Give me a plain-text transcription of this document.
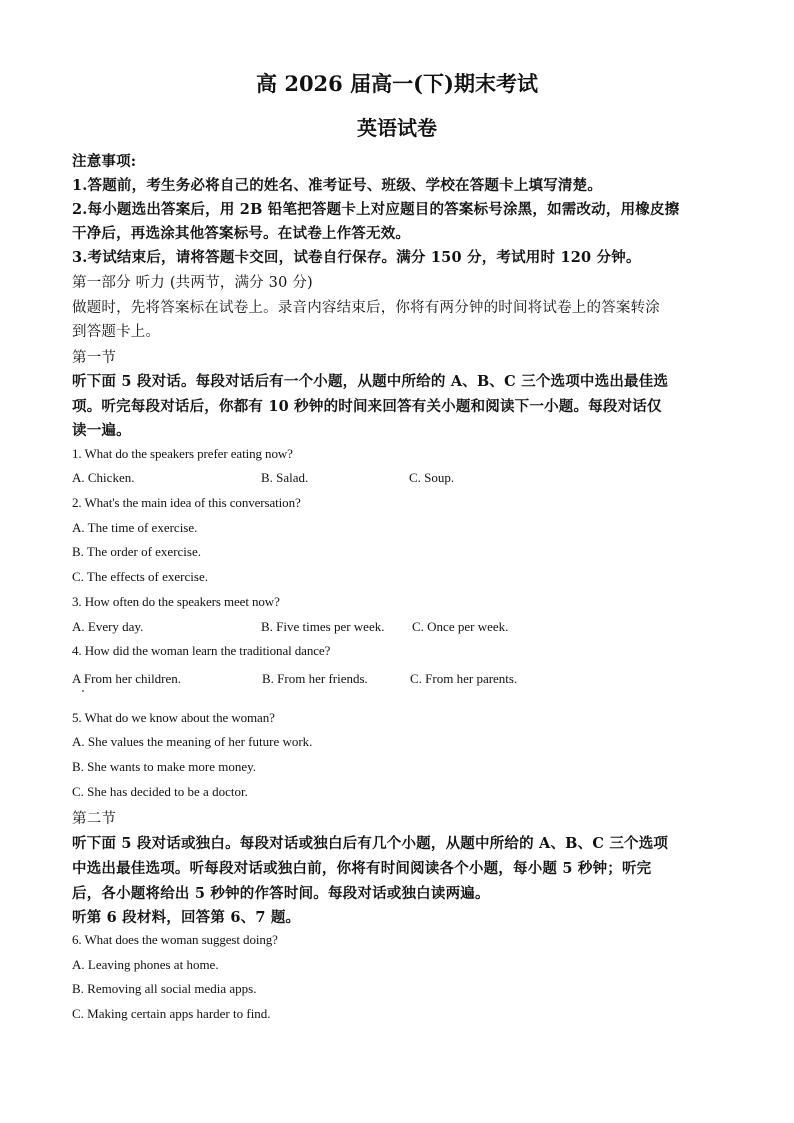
高 2026 届高一(下)期末考试
英语试卷
注意事项:
1.答题前，考生务必将自己的姓名、准考证号、班级、学校在答题卡上填写清楚。
2.每小题选出答案后，用 2B 铅笔把答题卡上对应题目的答案标号涂黑，如需改动，用橡皮擦
干净后，再选涂其他答案标号。在试卷上作答无效。
3.考试结束后，请将答题卡交回，试卷自行保存。满分 150 分，考试用时 120 分钟。
第一部分 听力 (共两节，满分 30 分)
做题时，先将答案标在试卷上。录音内容结束后，你将有两分钟的时间将试卷上的答案转涂
到答题卡上。
第一节
听下面 5 段对话。每段对话后有一个小题，从题中所给的 A、B、C 三个选项中选出最佳选
项。听完每段对话后，你都有 10 秒钟的时间来回答有关小题和阅读下一小题。每段对话仅
读一遍。
1. What do the speakers prefer eating now?
A. Chicken.	B. Salad.	C. Soup.
2. What's the main idea of this conversation?
A. The time of exercise.
B. The order of exercise.
C. The effects of exercise.
3. How often do the speakers meet now?
A. Every day.	B. Five times per week. C. Once per week.
4. How did the woman learn the traditional dance?
A From her children.	B. From her friends.	C. From her parents.
5. What do we know about the woman?
A. She values the meaning of her future work.
B. She wants to make more money.
C. She has decided to be a doctor.
第二节
听下面 5 段对话或独白。每段对话或独白后有几个小题，从题中所给的 A、B、C 三个选项
中选出最佳选项。听每段对话或独白前，你将有时间阅读各个小题，每小题 5 秒钟；听完
后，各小题将给出 5 秒钟的作答时间。每段对话或独白读两遍。
听第 6 段材料，回答第 6、7 题。
6. What does the woman suggest doing?
A. Leaving phones at home.
B. Removing all social media apps.
C. Making certain apps harder to find.
